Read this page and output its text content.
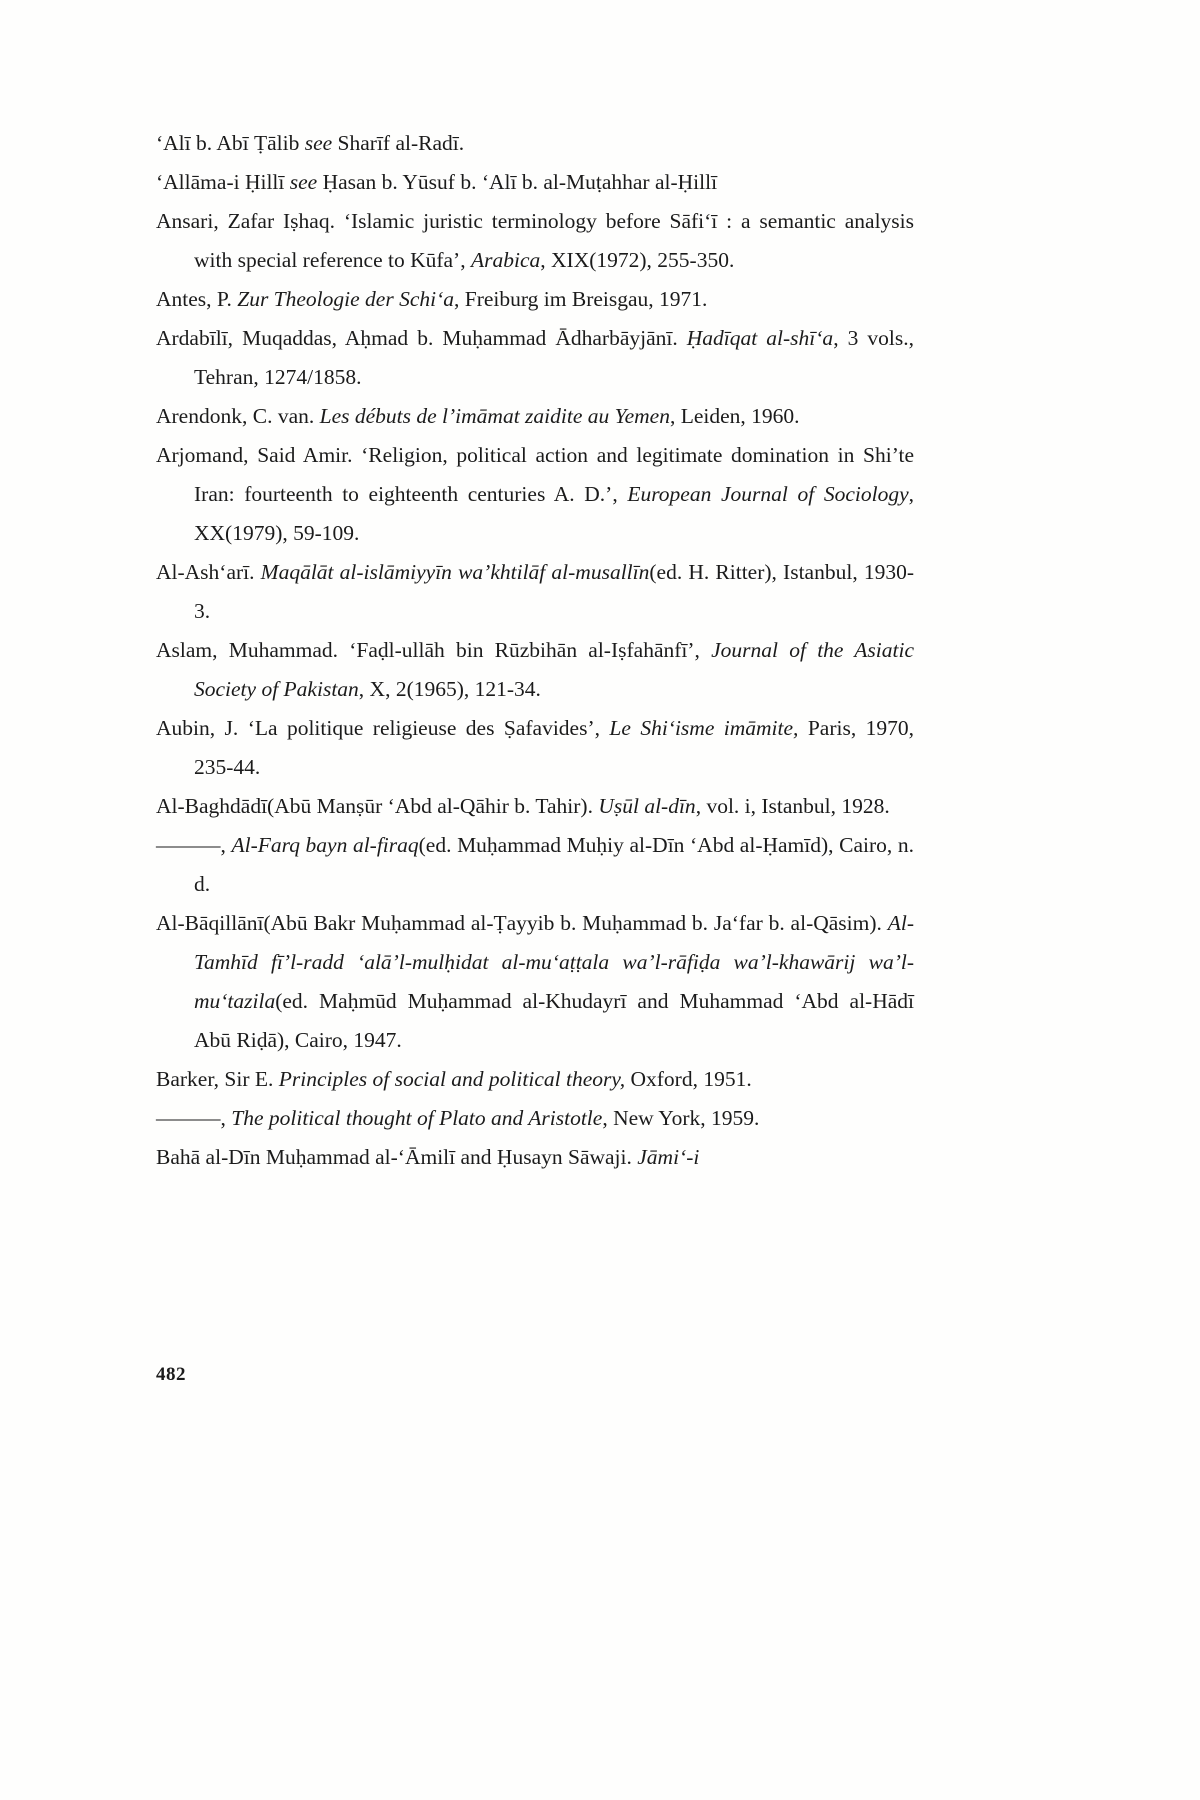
‘Alī b. Abī Ṭālib see Sharīf al-Radī.

‘Allāma-i Ḥillī see Ḥasan b. Yūsuf b. ‘Alī b. al-Muṭahhar al-Ḥillī

Ansari, Zafar Iṣhaq. ‘Islamic juristic terminology before Sāfi‘ī : a semantic analysis with special reference to Kūfa’, Arabica, XIX(1972), 255-350.

Antes, P. Zur Theologie der Schi‘a, Freiburg im Breisgau, 1971.

Ardabīlī, Muqaddas, Aḥmad b. Muḥammad Ādharbāyjānī. Ḥadīqat al-shī‘a, 3 vols., Tehran, 1274/1858.

Arendonk, C. van. Les débuts de l’imāmat zaidite au Yemen, Leiden, 1960.

Arjomand, Said Amir. ‘Religion, political action and legitimate domination in Shi’te Iran: fourteenth to eighteenth centuries A. D.’, European Journal of Sociology, XX(1979), 59-109.

Al-Ash‘arī. Maqālāt al-islāmiyyīn wa’khtilāf al-musallīn(ed. H. Ritter), Istanbul, 1930-3.

Aslam, Muhammad. ‘Faḍl-ullāh bin Rūzbihān al-Iṣfahānfī’, Journal of the Asiatic Society of Pakistan, X, 2(1965), 121-34.

Aubin, J. ‘La politique religieuse des Ṣafavides’, Le Shi‘isme imāmite, Paris, 1970, 235-44.

Al-Baghdādī(Abū Manṣūr ‘Abd al-Qāhir b. Tahir). Uṣūl al-dīn, vol. i, Istanbul, 1928.

———, Al-Farq bayn al-firaq(ed. Muḥammad Muḥiy al-Dīn ‘Abd al-Ḥamīd), Cairo, n. d.

Al-Bāqillānī(Abū Bakr Muḥammad al-Ṭayyib b. Muḥammad b. Ja‘far b. al-Qāsim). Al-Tamhīd fī’l-radd ‘alā’l-mulḥidat al-mu‘aṭṭala wa’l-rāfiḍa wa’l-khawārij wa’l-mu‘tazila(ed. Maḥmūd Muḥammad al-Khudayrī and Muhammad ‘Abd al-Hādī Abū Riḍā), Cairo, 1947.

Barker, Sir E. Principles of social and political theory, Oxford, 1951.

———, The political thought of Plato and Aristotle, New York, 1959.

Bahā al-Dīn Muḥammad al-‘Āmilī and Ḥusayn Sāwaji. Jāmi‘-i

482
